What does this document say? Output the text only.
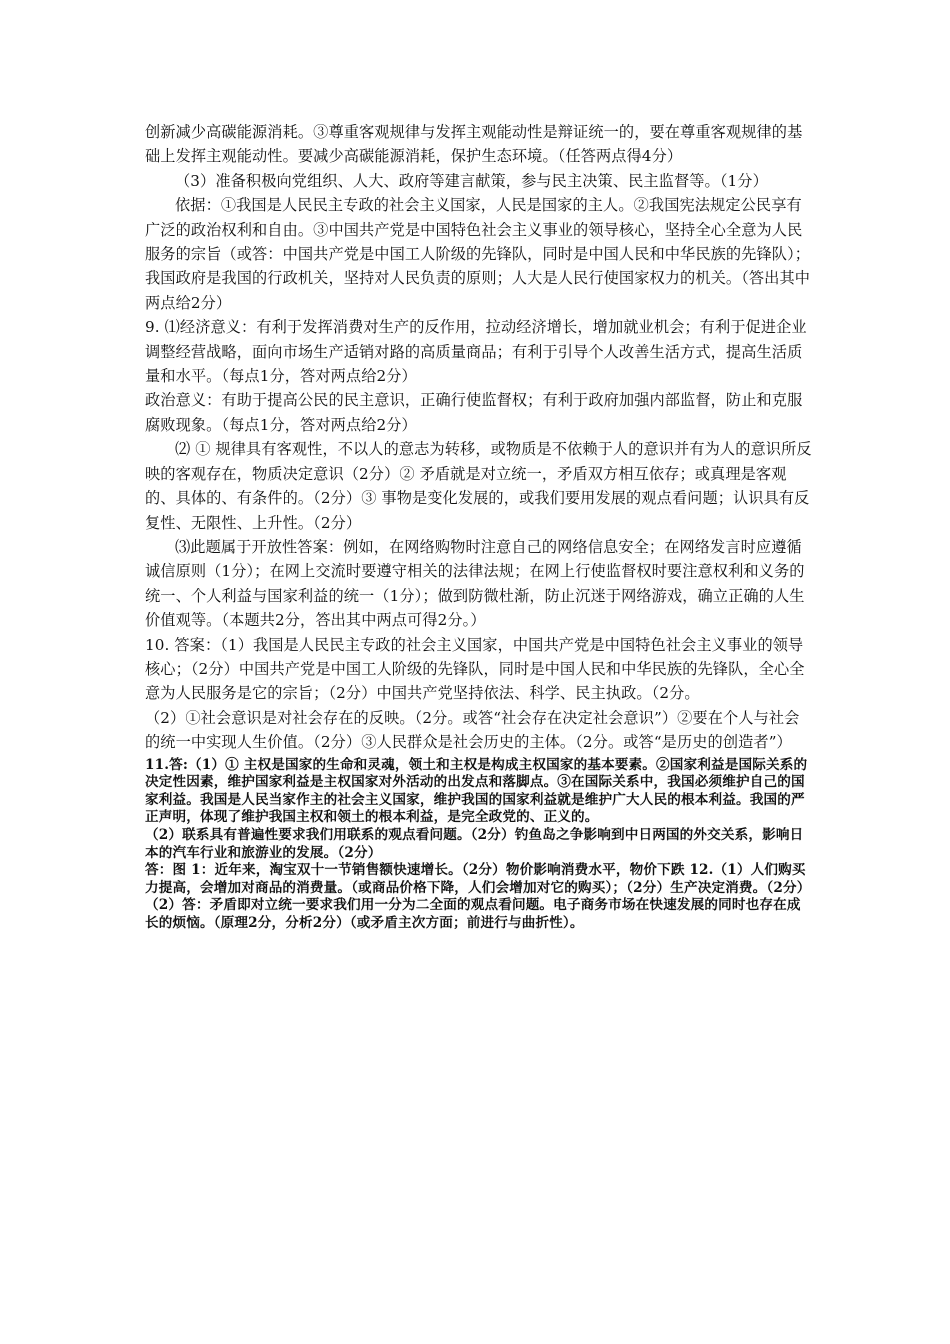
创新减少高碳能源消耗。③尊重客观规律与发挥主观能动性是辩证统一的，要在尊重客观规律的基础上发挥主观能动性。要减少高碳能源消耗，保护生态环境。（任答两点得4分）

（3）准备积极向党组织、人大、政府等建言献策，参与民主决策、民主监督等。（1分）

依据：①我国是人民民主专政的社会主义国家，人民是国家的主人。②我国宪法规定公民享有广泛的政治权利和自由。③中国共产党是中国特色社会主义事业的领导核心，坚持全心全意为人民服务的宗旨（或答：中国共产党是中国工人阶级的先锋队，同时是中国人民和中华民族的先锋队）；我国政府是我国的行政机关，坚持对人民负责的原则；人大是人民行使国家权力的机关。（答出其中两点给2分）

9. ⑴经济意义：有利于发挥消费对生产的反作用，拉动经济增长，增加就业机会；有利于促进企业调整经营战略，面向市场生产适销对路的高质量商品；有利于引导个人改善生活方式，提高生活质量和水平。（每点1分，答对两点给2分）

政治意义：有助于提高公民的民主意识，正确行使监督权；有利于政府加强内部监督，防止和克服腐败现象。（每点1分，答对两点给2分）

⑵ ① 规律具有客观性，不以人的意志为转移，或物质是不依赖于人的意识并有为人的意识所反映的客观存在，物质决定意识（2分）② 矛盾就是对立统一，矛盾双方相互依存；或真理是客观的、具体的、有条件的。（2分）③ 事物是变化发展的，或我们要用发展的观点看问题；认识具有反复性、无限性、上升性。（2分）

⑶此题属于开放性答案：例如，在网络购物时注意自己的网络信息安全；在网络发言时应遵循诚信原则（1分）；在网上交流时要遵守相关的法律法规；在网上行使监督权时要注意权利和义务的统一、个人利益与国家利益的统一（1分）；做到防微杜渐，防止沉迷于网络游戏，确立正确的人生价值观等。（本题共2分，答出其中两点可得2分。）

10. 答案：（1）我国是人民民主专政的社会主义国家，中国共产党是中国特色社会主义事业的领导核心；（2分）中国共产党是中国工人阶级的先锋队，同时是中国人民和中华民族的先锋队，全心全意为人民服务是它的宗旨；（2分）中国共产党坚持依法、科学、民主执政。（2分。

（2）①社会意识是对社会存在的反映。（2分。或答“社会存在决定社会意识”）②要在个人与社会的统一中实现人生价值。（2分）③人民群众是社会历史的主体。（2分。或答“是历史的创造者”）

11.答:（1）① 主权是国家的生命和灵魂，领土和主权是构成主权国家的基本要素。②国家利益是国际关系的决定性因素，维护国家利益是主权国家对外活动的出发点和落脚点。③在国际关系中，我国必须维护自己的国家利益。我国是人民当家作主的社会主义国家，维护我国的国家利益就是维护广大人民的根本利益。我国的严正声明，体现了维护我国主权和领土的根本利益，是完全政党的、正义的。

（2）联系具有普遍性要求我们用联系的观点看问题。（2分）钓鱼岛之争影响到中日两国的外交关系，影响日本的汽车行业和旅游业的发展。（2分）

答：图 1：近年来，淘宝双十一节销售额快速增长。（2分）物价影响消费水平，物价下跌 12.（1）人们购买力提高，会增加对商品的消费量。（或商品价格下降，人们会增加对它的购买）；（2分）生产决定消费。（2分）

（2）答：矛盾即对立统一要求我们用一分为二全面的观点看问题。电子商务市场在快速发展的同时也存在成长的烦恼。（原理2分，分析2分）（或矛盾主次方面；前进行与曲折性）。
